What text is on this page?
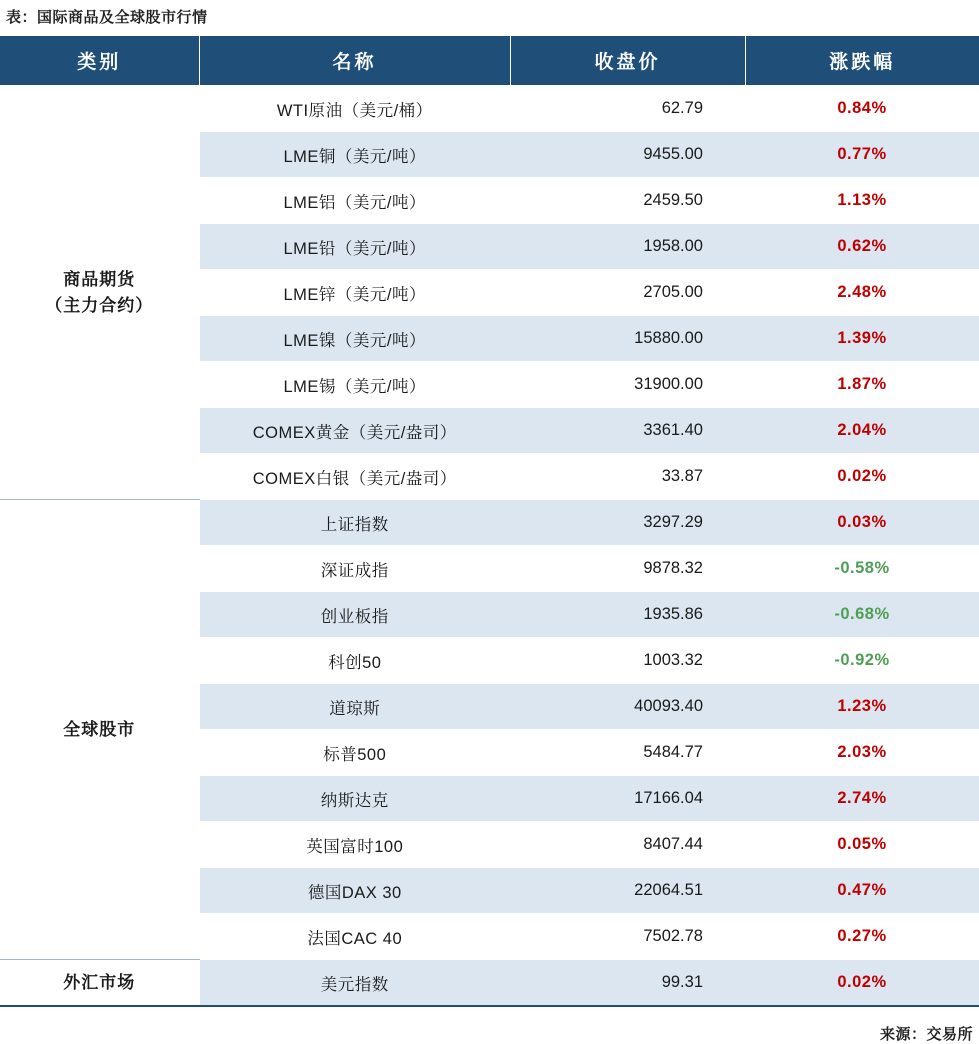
表：国际商品及全球股市行情
类别	名称	收盘价	涨跌幅

商品期货
（主力合约）	WTI原油（美元/桶）	62.79	0.84%
	LME铜（美元/吨）	9455.00	0.77%
	LME铝（美元/吨）	2459.50	1.13%
	LME铅（美元/吨）	1958.00	0.62%
	LME锌（美元/吨）	2705.00	2.48%
	LME镍（美元/吨）	15880.00	1.39%
	LME锡（美元/吨）	31900.00	1.87%
	COMEX黄金（美元/盎司）	3361.40	2.04%
	COMEX白银（美元/盎司）	33.87	0.02%

全球股市	上证指数	3297.29	0.03%
	深证成指	9878.32	-0.58%
	创业板指	1935.86	-0.68%
	科创50	1003.32	-0.92%
	道琼斯	40093.40	1.23%
	标普500	5484.77	2.03%
	纳斯达克	17166.04	2.74%
	英国富时100	8407.44	0.05%
	德国DAX 30	22064.51	0.47%
	法国CAC 40	7502.78	0.27%

外汇市场	美元指数	99.31	0.02%
来源：交易所
